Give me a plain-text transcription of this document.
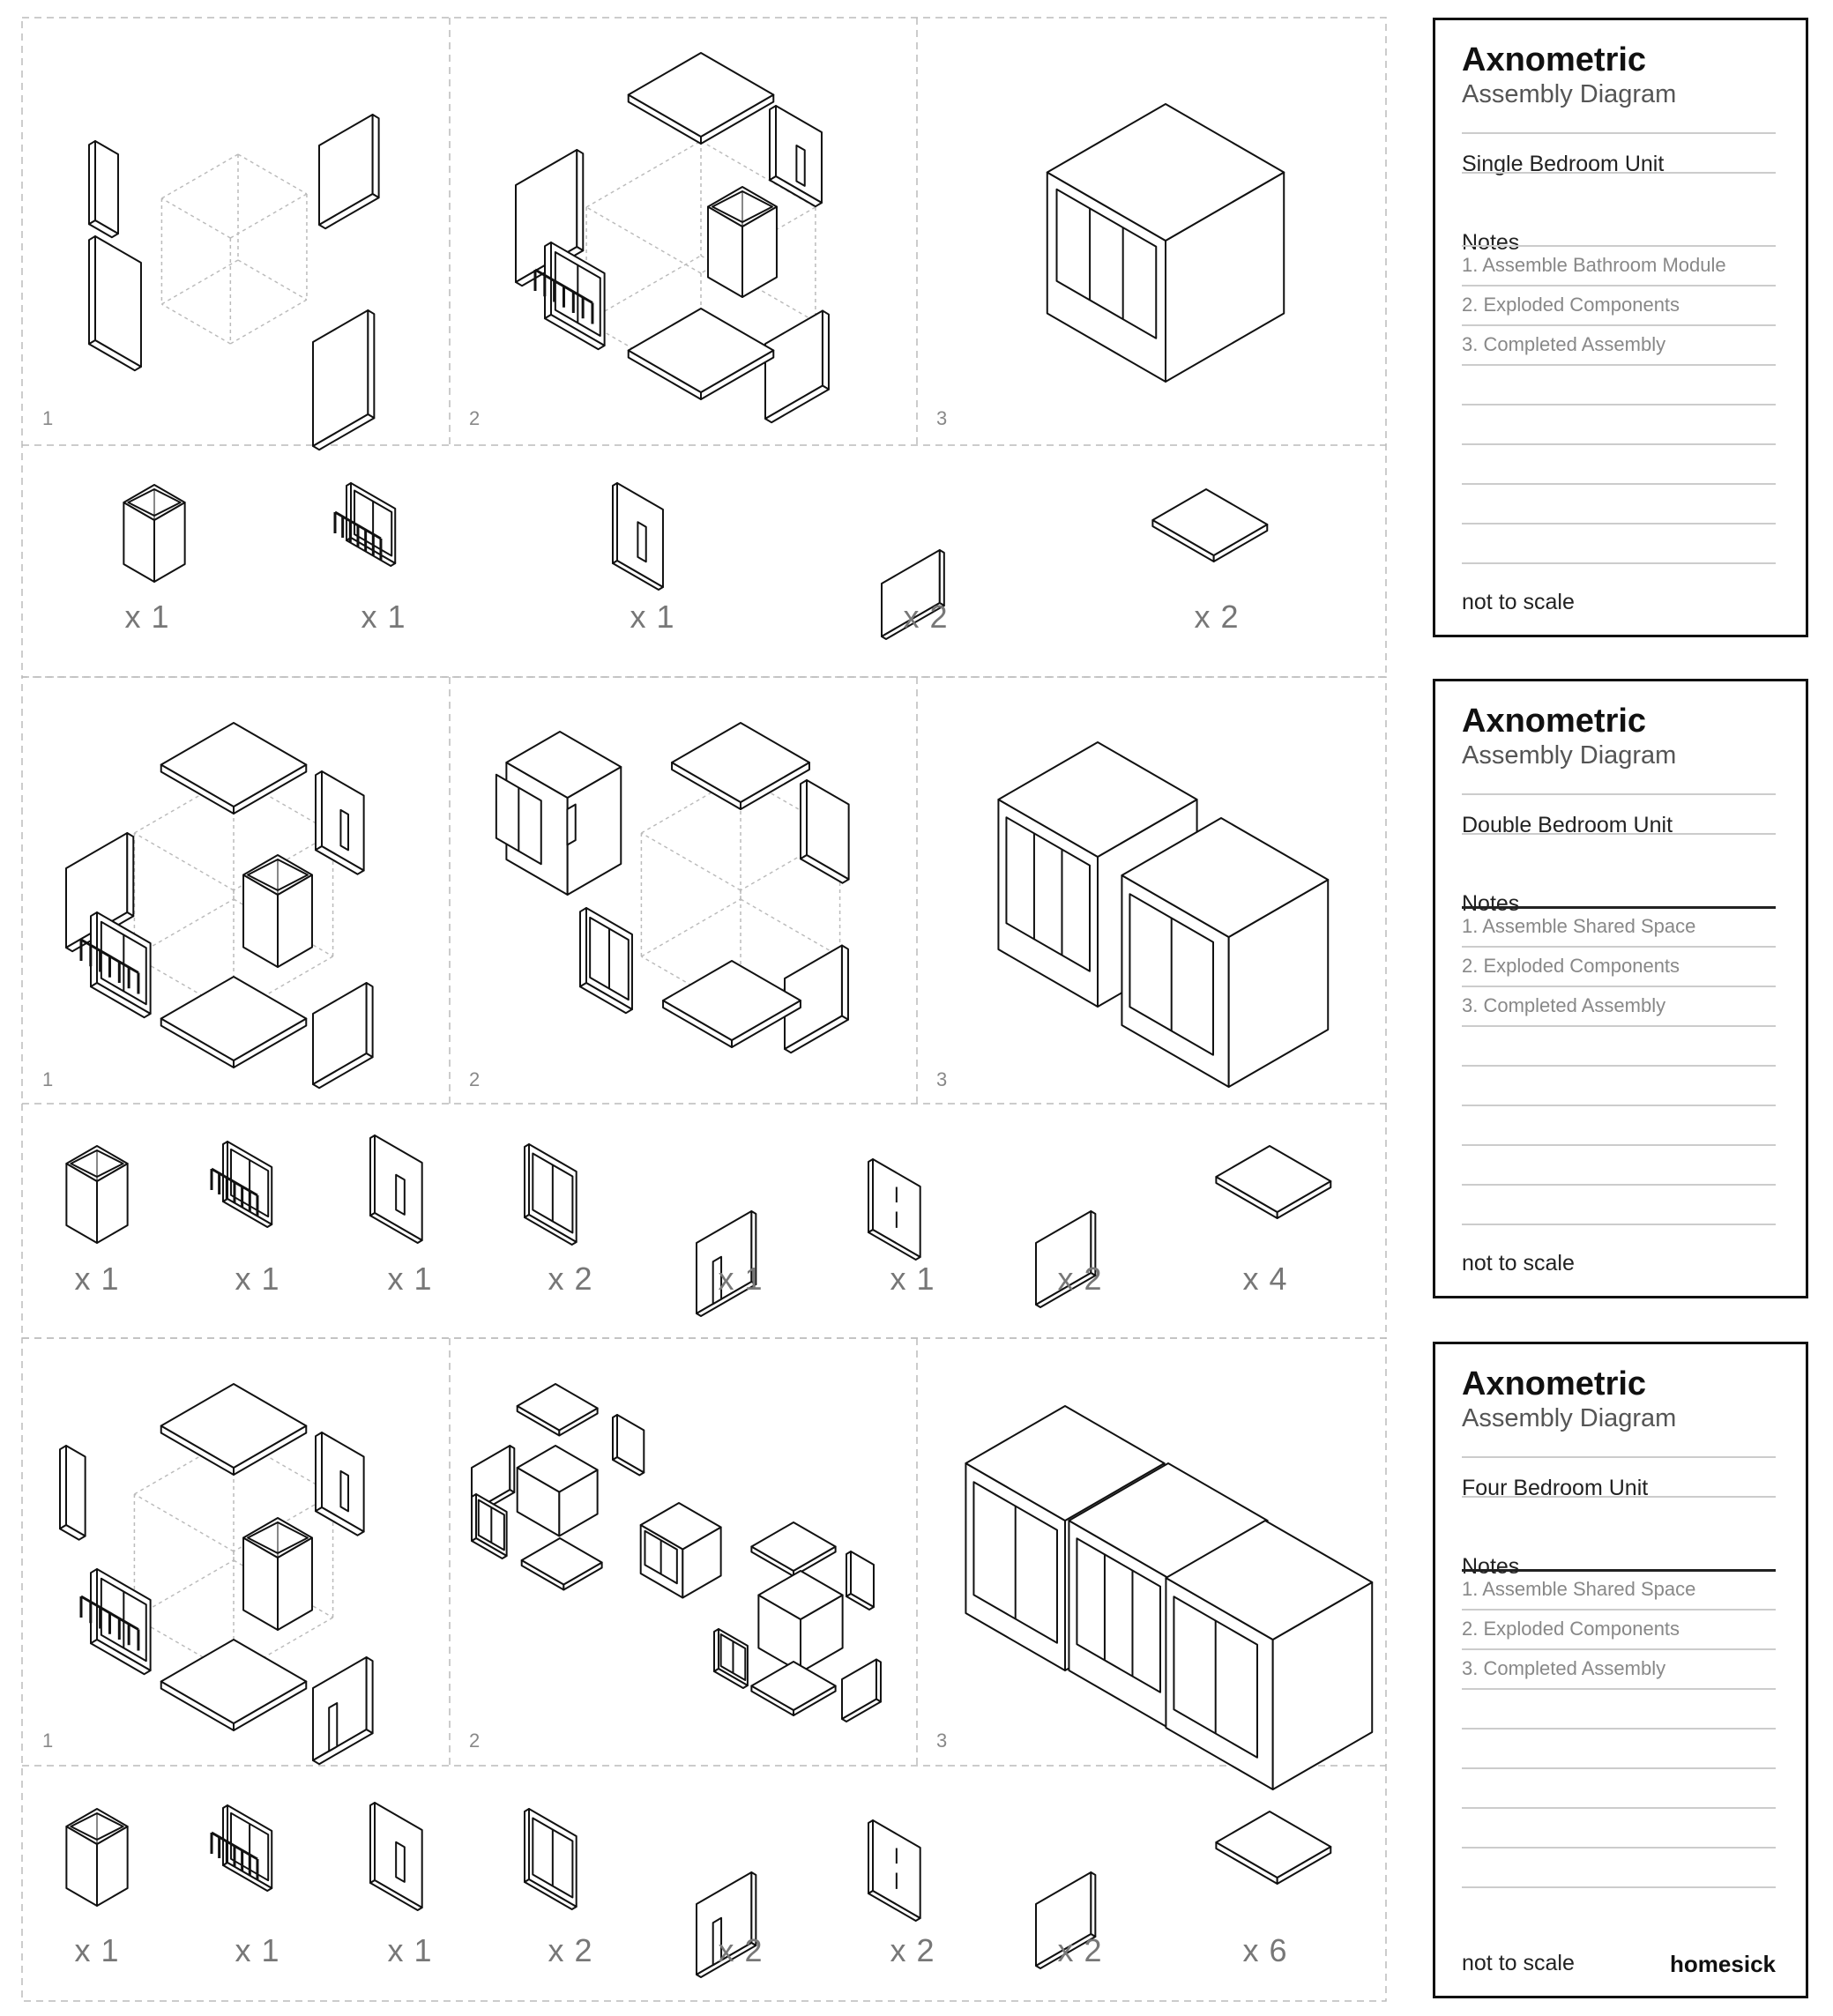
1	2	3
x 1	x 1	x 1	x 2	x 2
1	2	3
x 1	x 1	x 1	x 2	x 1	x 1	x 2	x 4
1	2	3
x 1	x 1	x 1	x 2	x 2	x 2	x 2	x 6
Axnometric
Assembly Diagram
Single Bedroom Unit
Notes
1. Assemble Bathroom Module
2. Exploded Components
3. Completed Assembly
not to scale
Axnometric
Assembly Diagram
Double Bedroom Unit
Notes
1. Assemble Shared Space
2. Exploded Components
3. Completed Assembly
not to scale
Axnometric
Assembly Diagram
Four Bedroom Unit
Notes
1. Assemble Shared Space
2. Exploded Components
3. Completed Assembly
not to scale	homesick
